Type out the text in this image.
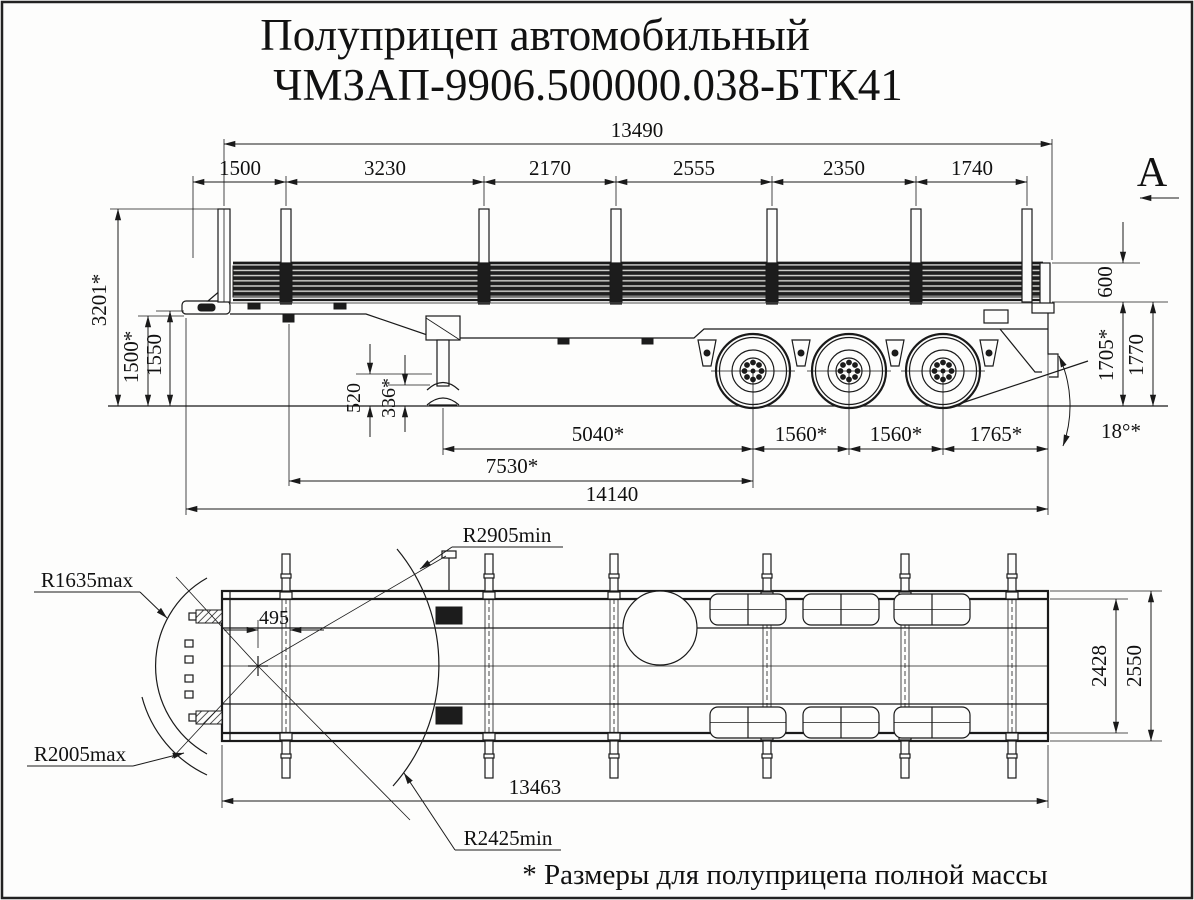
Полуприцеп автомобильный
ЧМЗАП-9906.500000.038-БТК41
13490
1500	3230	2170	2555	2350	1740
3201*
1500* 1550
600
1705* 1770
520 336*
5040*	1560* 1560* 1765*
7530*
14140
18°*
А
R2905min
R1635max
R2005max
R2425min
495
13463
2428 2550
* Размеры для полуприцепа полной массы
